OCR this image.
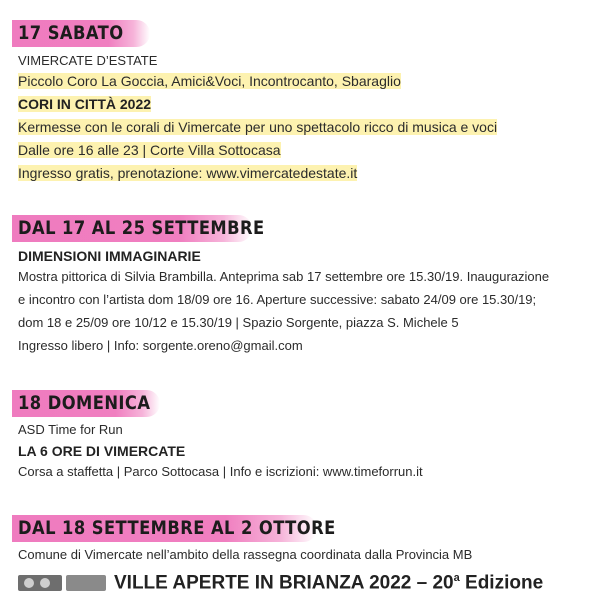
17 SABATO
VIMERCATE D’ESTATE
Piccolo Coro La Goccia, Amici&Voci, Incontrocanto, Sbaraglio
CORI IN CITTÀ 2022
Kermesse con le corali di Vimercate per uno spettacolo ricco di musica e voci
Dalle ore 16 alle 23 | Corte Villa Sottocasa
Ingresso gratis, prenotazione: www.vimercatedestate.it
DAL 17 AL 25 SETTEMBRE
DIMENSIONI IMMAGINARIE
Mostra pittorica di Silvia Brambilla. Anteprima sab 17 settembre ore 15.30/19. Inaugurazione
e incontro con l’artista dom 18/09 ore 16. Aperture successive: sabato 24/09 ore 15.30/19;
dom 18 e 25/09 ore 10/12 e 15.30/19 | Spazio Sorgente, piazza S. Michele 5
Ingresso libero | Info: sorgente.oreno@gmail.com
18 DOMENICA
ASD Time for Run
LA 6 ORE DI VIMERCATE
Corsa a staffetta | Parco Sottocasa | Info e iscrizioni: www.timeforrun.it
DAL 18 SETTEMBRE AL 2 OTTORE
Comune di Vimercate nell’ambito della rassegna coordinata dalla Provincia MB
VILLE APERTE IN BRIANZA 2022 – 20$^a$ Edizione
